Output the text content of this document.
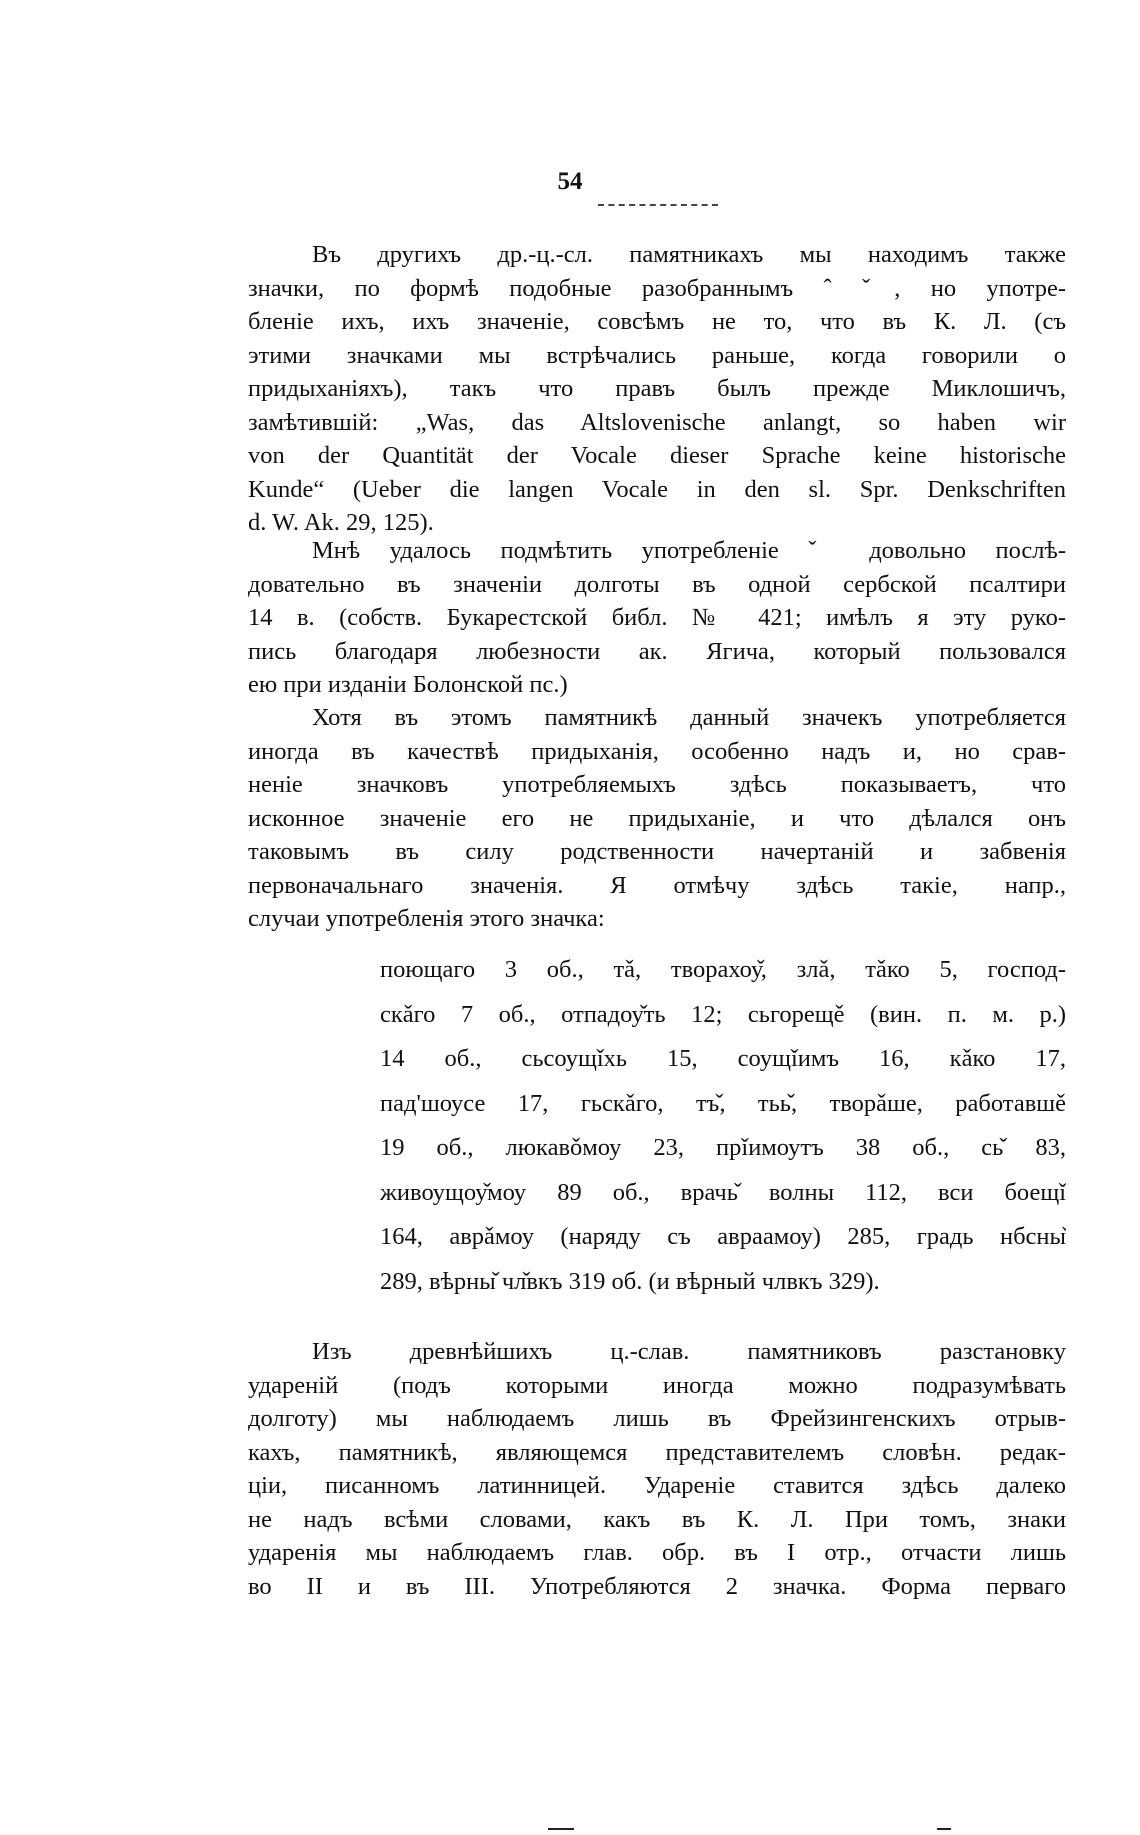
54
Въ другихъ др.-ц.-сл. памятникахъ мы находимъ также
значки, по формѣ подобные разобраннымъ ˆ ˇ, но употре-
бленіе ихъ, ихъ значеніе, совсѣмъ не то, что въ К. Л. (съ
этими значками мы встрѣчались раньше, когда говорили о
придыханіяхъ), такъ что правъ былъ прежде Миклошичъ,
замѣтившій: „Was, das Altslovenische anlangt, so haben wir
von der Quantität der Vocale dieser Sprache keine historische
Kunde“ (Ueber die langen Vocale in den sl. Spr. Denkschriften
d. W. Ak. 29, 125).
Мнѣ удалось подмѣтить употребленіе ˇ довольно послѣ-
довательно въ значеніи долготы въ одной сербской псалтири
14 в. (собств. Букарестской библ. № 421; имѣлъ я эту руко-
пись благодаря любезности ак. Ягича, который пользовался
ею при изданіи Болонской пс.)
Хотя въ этомъ памятникѣ данный значекъ употребляется
иногда въ качествѣ придыханія, особенно надъ и, но срав-
неніе значковъ употребляемыхъ здѣсь показываетъ, что
исконное значеніе его не придыханіе, и что дѣлался онъ
таковымъ въ силу родственности начертаній и забвенія
первоначальнаго значенія. Я отмѣчу здѣсь такіе, напр.,
случаи употребленія этого значка:
поющаго 3 об., тǎ, творахоу̌, злǎ, тǎко 5, господ-
скǎго 7 об., отпадоу̌ть 12; сьгорещě (вин. п. м. р.)
14 об., сьсоущǐхь 15, соущǐимъ 16, кǎко 17,
пад'шоусе 17, гьскǎго, тъ̌, тьь̌, творǎше, работавшě
19 об., люкавǒмоу 23, прǐимоутъ 38 об., сь̌ 83,
живоущоу̌моу 89 об., врачь̌ волны 112, вси боещǐ
164, аврǎмоу (наряду съ авраамоу) 285, градь нбсны̌
289, вѣрны̌ чл̌вкъ 319 об. (и вѣрный члвкъ 329).
Изъ древнѣйшихъ ц.-слав. памятниковъ разстановку
удареній (подъ которыми иногда можно подразумѣвать
долготу) мы наблюдаемъ лишь въ Фрейзингенскихъ отрыв-
кахъ, памятникѣ, являющемся представителемъ словѣн. редак-
ціи, писанномъ латинницей. Удареніе ставится здѣсь далеко
не надъ всѣми словами, какъ въ К. Л. При томъ, знаки
ударенія мы наблюдаемъ глав. обр. въ I отр., отчасти лишь
во II и въ III. Употребляются 2 значка. Форма перваго
